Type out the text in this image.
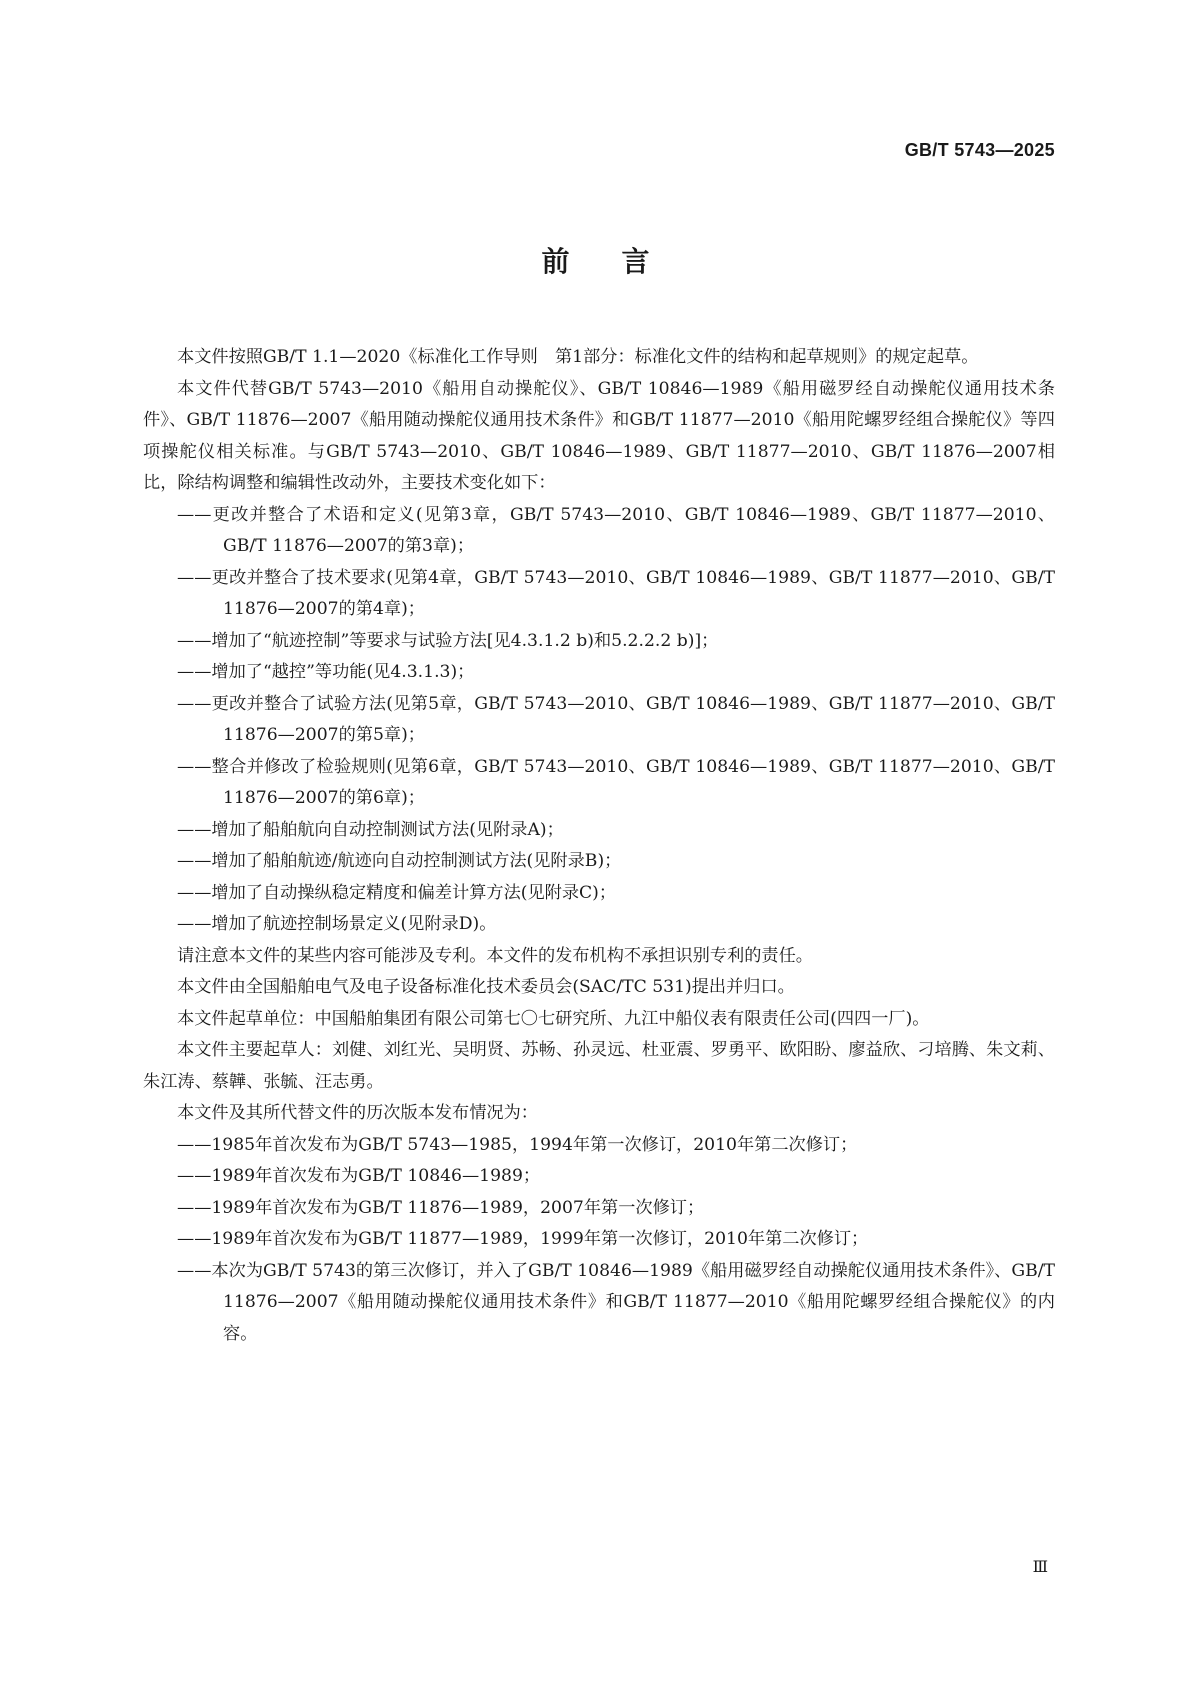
GB/T 5743—2025
前言

本文件按照GB/T 1.1—2020《标准化工作导则　第1部分：标准化文件的结构和起草规则》的规定起草。

本文件代替GB/T 5743—2010《船用自动操舵仪》、GB/T 10846—1989《船用磁罗经自动操舵仪通用技术条件》、GB/T 11876—2007《船用随动操舵仪通用技术条件》和GB/T 11877—2010《船用陀螺罗经组合操舵仪》等四项操舵仪相关标准。与GB/T 5743—2010、GB/T 10846—1989、GB/T 11877—2010、GB/T 11876—2007相比，除结构调整和编辑性改动外，主要技术变化如下：

——更改并整合了术语和定义(见第3章，GB/T 5743—2010、GB/T 10846—1989、GB/T 11877—2010、GB/T 11876—2007的第3章)；

——更改并整合了技术要求(见第4章，GB/T 5743—2010、GB/T 10846—1989、GB/T 11877—2010、GB/T 11876—2007的第4章)；

——增加了“航迹控制”等要求与试验方法[见4.3.1.2 b)和5.2.2.2 b)]；

——增加了“越控”等功能(见4.3.1.3)；

——更改并整合了试验方法(见第5章，GB/T 5743—2010、GB/T 10846—1989、GB/T 11877—2010、GB/T 11876—2007的第5章)；

——整合并修改了检验规则(见第6章，GB/T 5743—2010、GB/T 10846—1989、GB/T 11877—2010、GB/T 11876—2007的第6章)；

——增加了船舶航向自动控制测试方法(见附录A)；

——增加了船舶航迹/航迹向自动控制测试方法(见附录B)；

——增加了自动操纵稳定精度和偏差计算方法(见附录C)；

——增加了航迹控制场景定义(见附录D)。

请注意本文件的某些内容可能涉及专利。本文件的发布机构不承担识别专利的责任。

本文件由全国船舶电气及电子设备标准化技术委员会(SAC/TC 531)提出并归口。

本文件起草单位：中国船舶集团有限公司第七〇七研究所、九江中船仪表有限责任公司(四四一厂)。

本文件主要起草人：刘健、刘红光、吴明贤、苏畅、孙灵远、杜亚震、罗勇平、欧阳盼、廖益欣、刁培腾、朱文莉、朱江涛、蔡韡、张毓、汪志勇。

本文件及其所代替文件的历次版本发布情况为：

——1985年首次发布为GB/T 5743—1985，1994年第一次修订，2010年第二次修订；

——1989年首次发布为GB/T 10846—1989；

——1989年首次发布为GB/T 11876—1989，2007年第一次修订；

——1989年首次发布为GB/T 11877—1989，1999年第一次修订，2010年第二次修订；

——本次为GB/T 5743的第三次修订，并入了GB/T 10846—1989《船用磁罗经自动操舵仪通用技术条件》、GB/T 11876—2007《船用随动操舵仪通用技术条件》和GB/T 11877—2010《船用陀螺罗经组合操舵仪》的内容。

Ⅲ
